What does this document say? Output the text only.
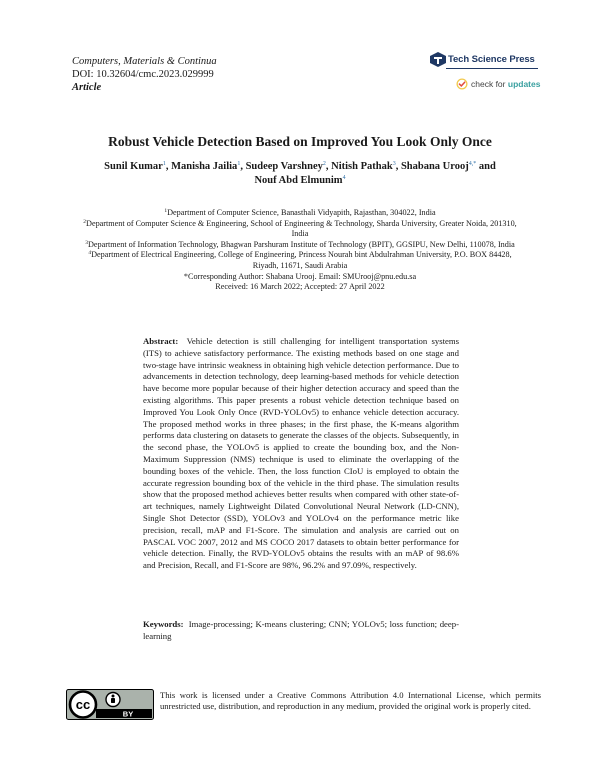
Computers, Materials & Continua
DOI: 10.32604/cmc.2023.029999
Article
Tech Science Press
check for updates
Robust Vehicle Detection Based on Improved You Look Only Once
Sunil Kumar$^1$, Manisha Jailia$^1$, Sudeep Varshney$^2$, Nitish Pathak$^3$, Shabana Urooj$^{4,*}$ and
Nouf Abd Elmunim$^4$

$^1$Department of Computer Science, Banasthali Vidyapith, Rajasthan, 304022, India

$^2$Department of Computer Science & Engineering, School of Engineering & Technology, Sharda University, Greater Noida, 201310, India

$^3$Department of Information Technology, Bhagwan Parshuram Institute of Technology (BPIT), GGSIPU, New Delhi, 110078, India

$^4$Department of Electrical Engineering, College of Engineering, Princess Nourah bint Abdulrahman University, P.O. BOX 84428, Riyadh, 11671, Saudi Arabia

*Corresponding Author: Shabana Urooj. Email: SMUrooj@pnu.edu.sa

Received: 16 March 2022; Accepted: 27 April 2022

Abstract: Vehicle detection is still challenging for intelligent transportation systems (ITS) to achieve satisfactory performance. The existing methods based on one stage and two-stage have intrinsic weakness in obtaining high vehicle detection performance. Due to advancements in detection technology, deep learning-based methods for vehicle detection have become more popular because of their higher detection accuracy and speed than the existing algorithms. This paper presents a robust vehicle detection technique based on Improved You Look Only Once (RVD-YOLOv5) to enhance vehicle detection accuracy. The proposed method works in three phases; in the first phase, the K-means algorithm performs data clustering on datasets to generate the classes of the objects. Subsequently, in the second phase, the YOLOv5 is applied to create the bounding box, and the Non-Maximum Suppression (NMS) technique is used to eliminate the overlapping of the bounding boxes of the vehicle. Then, the loss function CIoU is employed to obtain the accurate regression bounding box of the vehicle in the third phase. The simulation results show that the proposed method achieves better results when compared with other state-of-art techniques, namely Lightweight Dilated Convolutional Neural Network (LD-CNN), Single Shot Detector (SSD), YOLOv3 and YOLOv4 on the performance metric like precision, recall, mAP and F1-Score. The simulation and analysis are carried out on PASCAL VOC 2007, 2012 and MS COCO 2017 datasets to obtain better performance for vehicle detection. Finally, the RVD-YOLOv5 obtains the results with an mAP of 98.6% and Precision, Recall, and F1-Score are 98%, 96.2% and 97.09%, respectively.
Keywords: Image-processing; K-means clustering; CNN; YOLOv5; loss function; deep-learning
cc
BY
This work is licensed under a Creative Commons Attribution 4.0 International License, which permits unrestricted use, distribution, and reproduction in any medium, provided the original work is properly cited.
